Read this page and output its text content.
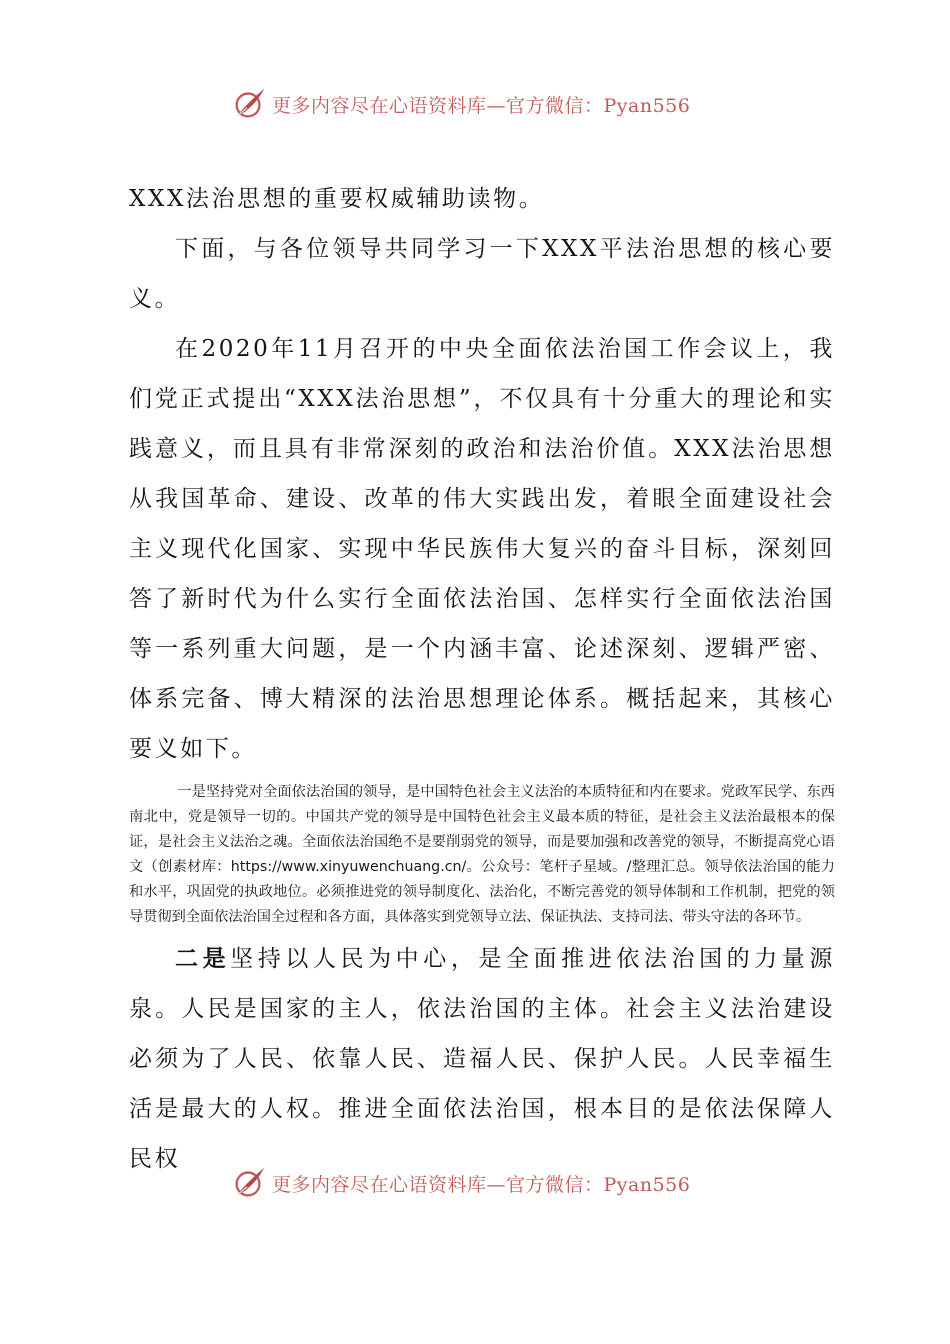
更多内容尽在心语资料库—官方微信：Pyan556

XXX法治思想的重要权威辅助读物。

下面，与各位领导共同学习一下XXX平法治思想的核心要义。

在2020年11月召开的中央全面依法治国工作会议上，我们党正式提出“XXX法治思想”，不仅具有十分重大的理论和实践意义，而且具有非常深刻的政治和法治价值。XXX法治思想从我国革命、建设、改革的伟大实践出发，着眼全面建设社会主义现代化国家、实现中华民族伟大复兴的奋斗目标，深刻回答了新时代为什么实行全面依法治国、怎样实行全面依法治国等一系列重大问题，是一个内涵丰富、论述深刻、逻辑严密、体系完备、博大精深的法治思想理论体系。概括起来，其核心要义如下。

一是坚持党对全面依法治国的领导，是中国特色社会主义法治的本质特征和内在要求。党政军民学、东西南北中，党是领导一切的。中国共产党的领导是中国特色社会主义最本质的特征，是社会主义法治最根本的保证，是社会主义法治之魂。全面依法治国绝不是要削弱党的领导，而是要加强和改善党的领导，不断提高党心语文（创素材库：https://www.xinyuwenchuang.cn/。公众号：笔杆子星域。/整理汇总。领导依法治国的能力和水平，巩固党的执政地位。必须推进党的领导制度化、法治化，不断完善党的领导体制和工作机制，把党的领导贯彻到全面依法治国全过程和各方面，具体落实到党领导立法、保证执法、支持司法、带头守法的各环节。

二是坚持以人民为中心，是全面推进依法治国的力量源泉。人民是国家的主人，依法治国的主体。社会主义法治建设必须为了人民、依靠人民、造福人民、保护人民。人民幸福生活是最大的人权。推进全面依法治国，根本目的是依法保障人民权

更多内容尽在心语资料库—官方微信：Pyan556
